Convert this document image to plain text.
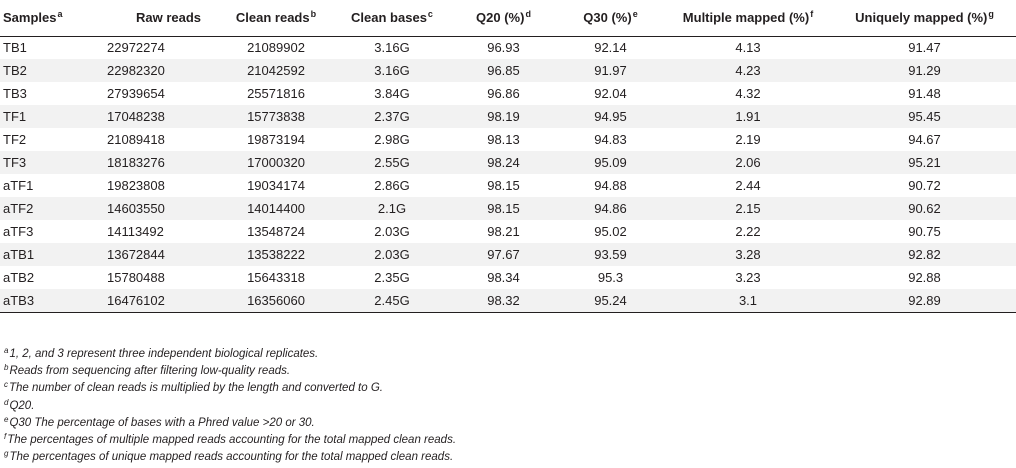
Samples$^a$	Raw reads	Clean reads$^b$	Clean bases$^c$	Q20 (%)$^d$	Q30 (%)$^e$	Multiple mapped (%)$^f$	Uniquely mapped (%)$^g$
TB1	22972274	21089902	3.16G	96.93	92.14	4.13	91.47
TB2	22982320	21042592	3.16G	96.85	91.97	4.23	91.29
TB3	27939654	25571816	3.84G	96.86	92.04	4.32	91.48
TF1	17048238	15773838	2.37G	98.19	94.95	1.91	95.45
TF2	21089418	19873194	2.98G	98.13	94.83	2.19	94.67
TF3	18183276	17000320	2.55G	98.24	95.09	2.06	95.21
aTF1	19823808	19034174	2.86G	98.15	94.88	2.44	90.72
aTF2	14603550	14014400	2.1G	98.15	94.86	2.15	90.62
aTF3	14113492	13548724	2.03G	98.21	95.02	2.22	90.75
aTB1	13672844	13538222	2.03G	97.67	93.59	3.28	92.82
aTB2	15780488	15643318	2.35G	98.34	95.3	3.23	92.88
aTB3	16476102	16356060	2.45G	98.32	95.24	3.1	92.89
$^a$1, 2, and 3 represent three independent biological replicates.
$^b$Reads from sequencing after filtering low-quality reads.
$^c$The number of clean reads is multiplied by the length and converted to G.
$^d$Q20.
$^e$Q30 The percentage of bases with a Phred value >20 or 30.
$^f$The percentages of multiple mapped reads accounting for the total mapped clean reads.
$^g$The percentages of unique mapped reads accounting for the total mapped clean reads.
